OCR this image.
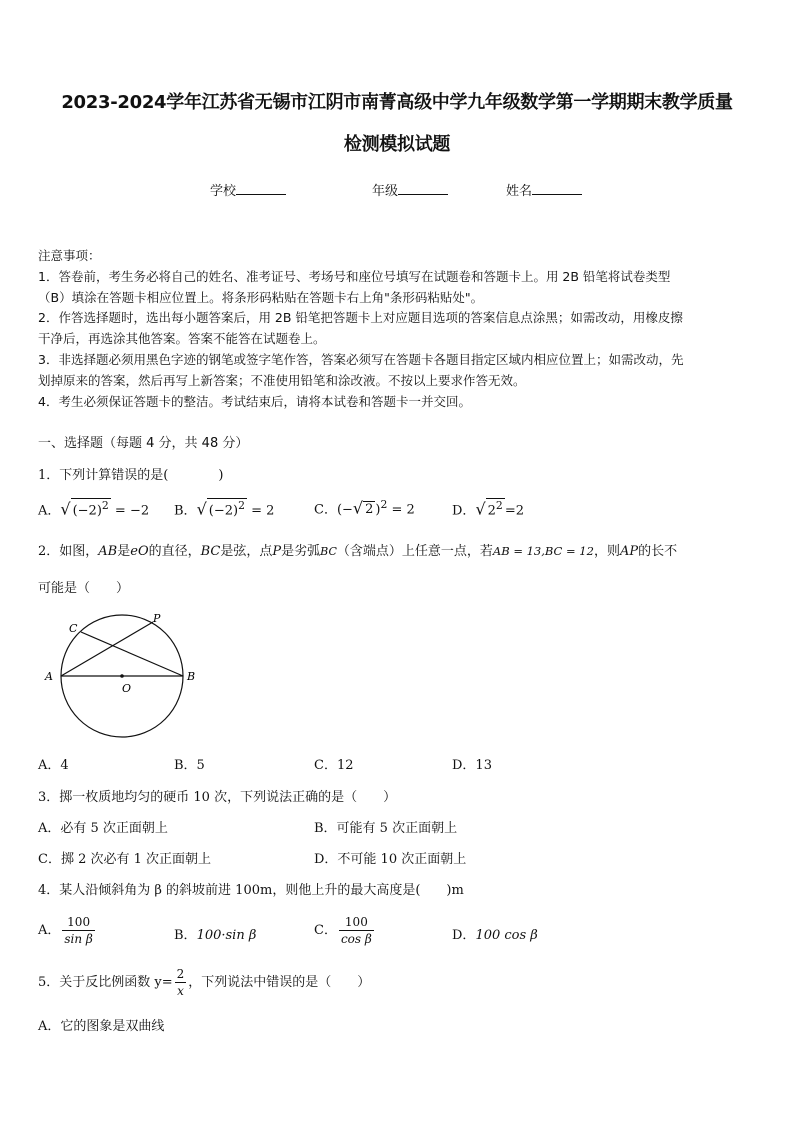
2023-2024学年江苏省无锡市江阴市南菁高级中学九年级数学第一学期期末教学质量
检测模拟试题
学校	年级	姓名
注意事项：
1．答卷前，考生务必将自己的姓名、准考证号、考场号和座位号填写在试题卷和答题卡上。用 2B 铅笔将试卷类型
（B）填涂在答题卡相应位置上。将条形码粘贴在答题卡右上角"条形码粘贴处"。
2．作答选择题时，选出每小题答案后，用 2B 铅笔把答题卡上对应题目选项的答案信息点涂黑；如需改动，用橡皮擦
干净后，再选涂其他答案。答案不能答在试题卷上。
3．非选择题必须用黑色字迹的钢笔或签字笔作答，答案必须写在答题卡各题目指定区域内相应位置上；如需改动，先
划掉原来的答案，然后再写上新答案；不准使用铅笔和涂改液。不按以上要求作答无效。
4．考生必须保证答题卡的整洁。考试结束后，请将本试卷和答题卡一并交回。
一、选择题（每题 4 分，共 48 分）
1．下列计算错误的是(	)
A．√ $(-2)^2 = -2$ B．√ $(-2)^2 = 2$	C．(−√ 2 )$^2$ = 2	D．√ $2^2 =2$
2．如图，AB是eO的直径，BC是弦，点P是劣弧BC（含端点）上任意一点，若AB = 13,BC = 12，则AP的长不
可能是（　　）
A	B
C
P
O
A．4	B．5	C．12	D．13
3．掷一枚质地均匀的硬币 10 次，下列说法正确的是（　　）
A．必有 5 次正面朝上	B．可能有 5 次正面朝上
C．掷 2 次必有 1 次正面朝上	D．不可能 10 次正面朝上
4．某人沿倾斜角为 β 的斜坡前进 100m，则他上升的最大高度是(　　)m
A． $\frac{100}{\text{sin β}}$	B．100·sin β	C． $\frac{100}{\text{cos β}}$	D．100 cos β
5．关于反比例函数 $y= \frac{2}{x}$ ，下列说法中错误的是（　　）
A．它的图象是双曲线
